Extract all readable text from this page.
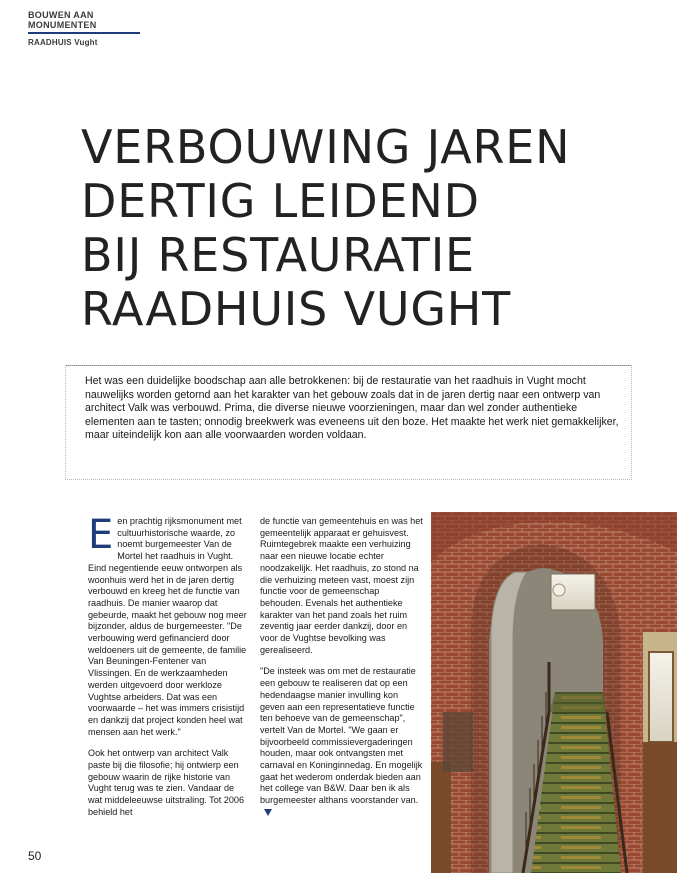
BOUWEN AAN MONUMENTEN
RAADHUIS Vught
VERBOUWING JAREN
DERTIG LEIDEND
BIJ RESTAURATIE
RAADHUIS VUGHT

Het was een duidelijke boodschap aan alle betrokkenen: bij de restauratie van het raadhuis in Vught mocht nauwelijks worden getornd aan het karakter van het gebouw zoals dat in de jaren dertig naar een ontwerp van architect Valk was verbouwd. Prima, die diverse nieuwe voorzieningen, maar dan wel zonder authentieke elementen aan te tasten; onnodig breekwerk was eveneens uit den boze. Het maakte het werk niet gemakkelijker, maar uiteindelijk kon aan alle voorwaarden worden voldaan.

Een prachtig rijksmonument met cultuurhistorische waarde, zo noemt burgemeester Van de Mortel het raadhuis in Vught. Eind negentiende eeuw ontworpen als woonhuis werd het in de jaren dertig verbouwd en kreeg het de functie van raadhuis. De manier waarop dat gebeurde, maakt het gebouw nog meer bijzonder, aldus de burgemeester. "De verbouwing werd gefinancierd door weldoeners uit de gemeente, de familie Van Beuningen-Fentener van Vlissingen. En de werkzaamheden werden uitgevoerd door werkloze Vughtse arbeiders. Dat was een voorwaarde – het was immers crisistijd en dankzij dat project konden heel wat mensen aan het werk."

Ook het ontwerp van architect Valk paste bij die filosofie; hij ontwierp een gebouw waarin de rijke historie van Vught terug was te zien. Vandaar de wat middeleeuwse uitstraling. Tot 2006 behield het

de functie van gemeentehuis en was het gemeentelijk apparaat er gehuisvest. Ruimtegebrek maakte een verhuizing naar een nieuwe locatie echter noodzakelijk. Het raadhuis, zo stond na die verhuizing meteen vast, moest zijn functie voor de gemeenschap behouden. Evenals het authentieke karakter van het pand zoals het ruim zeventig jaar eerder dankzij, door en voor de Vughtse bevolking was gerealiseerd.

"De insteek was om met de restauratie een gebouw te realiseren dat op een hedendaagse manier invulling kon geven aan een representatieve functie ten behoeve van de gemeenschap", vertelt Van de Mortel. "We gaan er bijvoorbeeld commissievergaderingen houden, maar ook ontvangsten met carnaval en Koninginnedag. En mogelijk gaat het wederom onderdak bieden aan het college van B&W. Daar ben ik als burgemeester althans voorstander van.

50
